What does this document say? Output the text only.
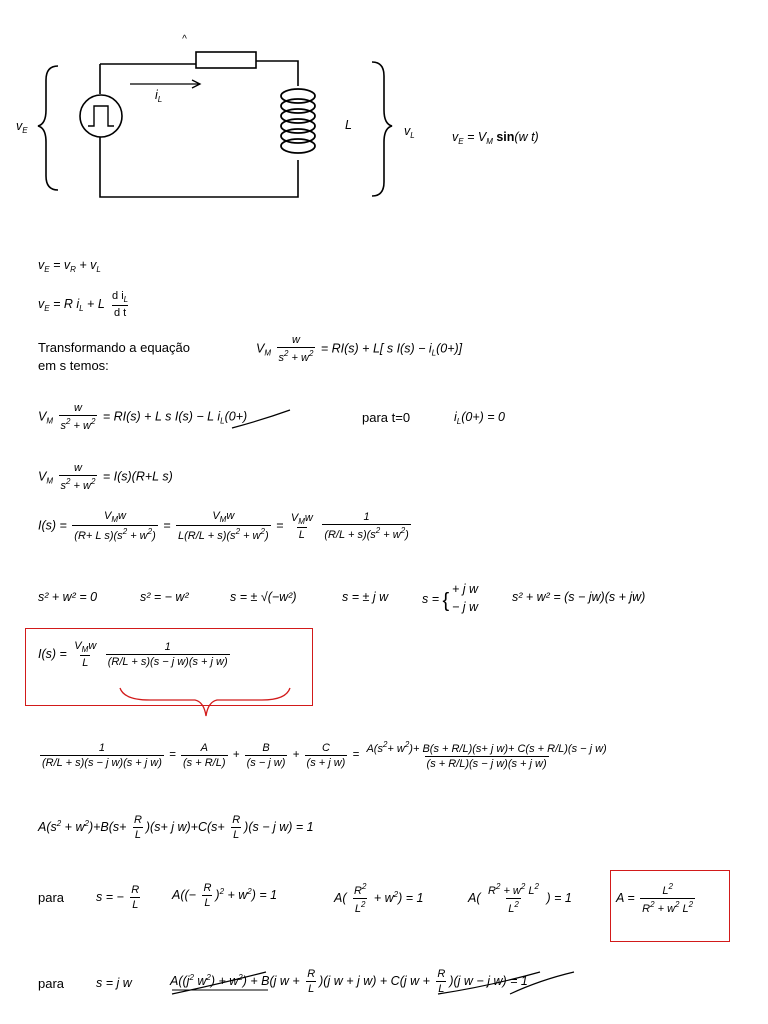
^
$v_E$
$i_L$
L	$v_L$	$v_E = V_M$ sin(w t)
$v_E = v_R + v_L$
$v_E = R$ $i_L + L \frac{d i_L}{\text{d t}}$
Transformando a equação
em s temos:
$V_M \frac{w}{s^2 + w^2} = RI(s) + L$[ s $I(s) - i_L(0+)$]
$V_M \frac{w}{s^2 + w^2} = RI(s) + L$ s I(s) − L $i_L(0+)$	para t=0	$i_L(0+) = 0$
$V_M \frac{w}{s^2 + w^2} = I(s)(R+L$ s)
$I(s) = \frac{V_Mw}{(R+ L s)(s^2 + w^2)} = \frac{V_Mw}{L(R/L + s)(s^2 + w^2)} = \frac{V_Mw}{L}$
$\frac{1}{(R/L + s)(s^2 + w^2)}$
s² + w² = 0	s² = − w²	s = ± √(−w²)	s = ± j w	s = {
+ j w
− j w
s² + w² = (s − jw)(s + jw)
$I(s) = \frac{V_Mw}{L}$
$\frac{1}{\text{(R/L + s)(s − j w)(s + j w)}}$
$\frac{1}{\text{(R/L + s)(s − j w)(s + j w)}} = \frac{A}{(s + R/L)} + \frac{B}{\text{(s − j w)}} + \frac{C}{\text{(s + j w)}} = \frac{A(s^2+ w^2)+ B(s + R/L)(s+ j w)+ C(s + R/L)(s - j w)}{\text{(s + R/L)(s − j w)(s + j w)}}$
$A(s^2 + w^2)+B(s+ \frac{R}{L} )(s+ j$ $w)+C(s+ \frac{R}{L} )(s - j$ w) = 1
para	s = − $\frac{R}{L} A((- \frac{R}{L} )^2 + w^2) = 1$	$A( \frac{R^2}{L^2} + w^2) = 1$	$A( \frac{R^2 + w^2 L^2}{L^2}$ ) = 1	$A = \frac{L^2}{R^2 + w^2 L^2}$
para	s = j w	$A((j^2$ $w^2) + w^2) + B(j$ $w + \frac{R}{L} )(j$ w + j w) + C(j $w + \frac{R}{L} )(j$ w − j w) = 1
